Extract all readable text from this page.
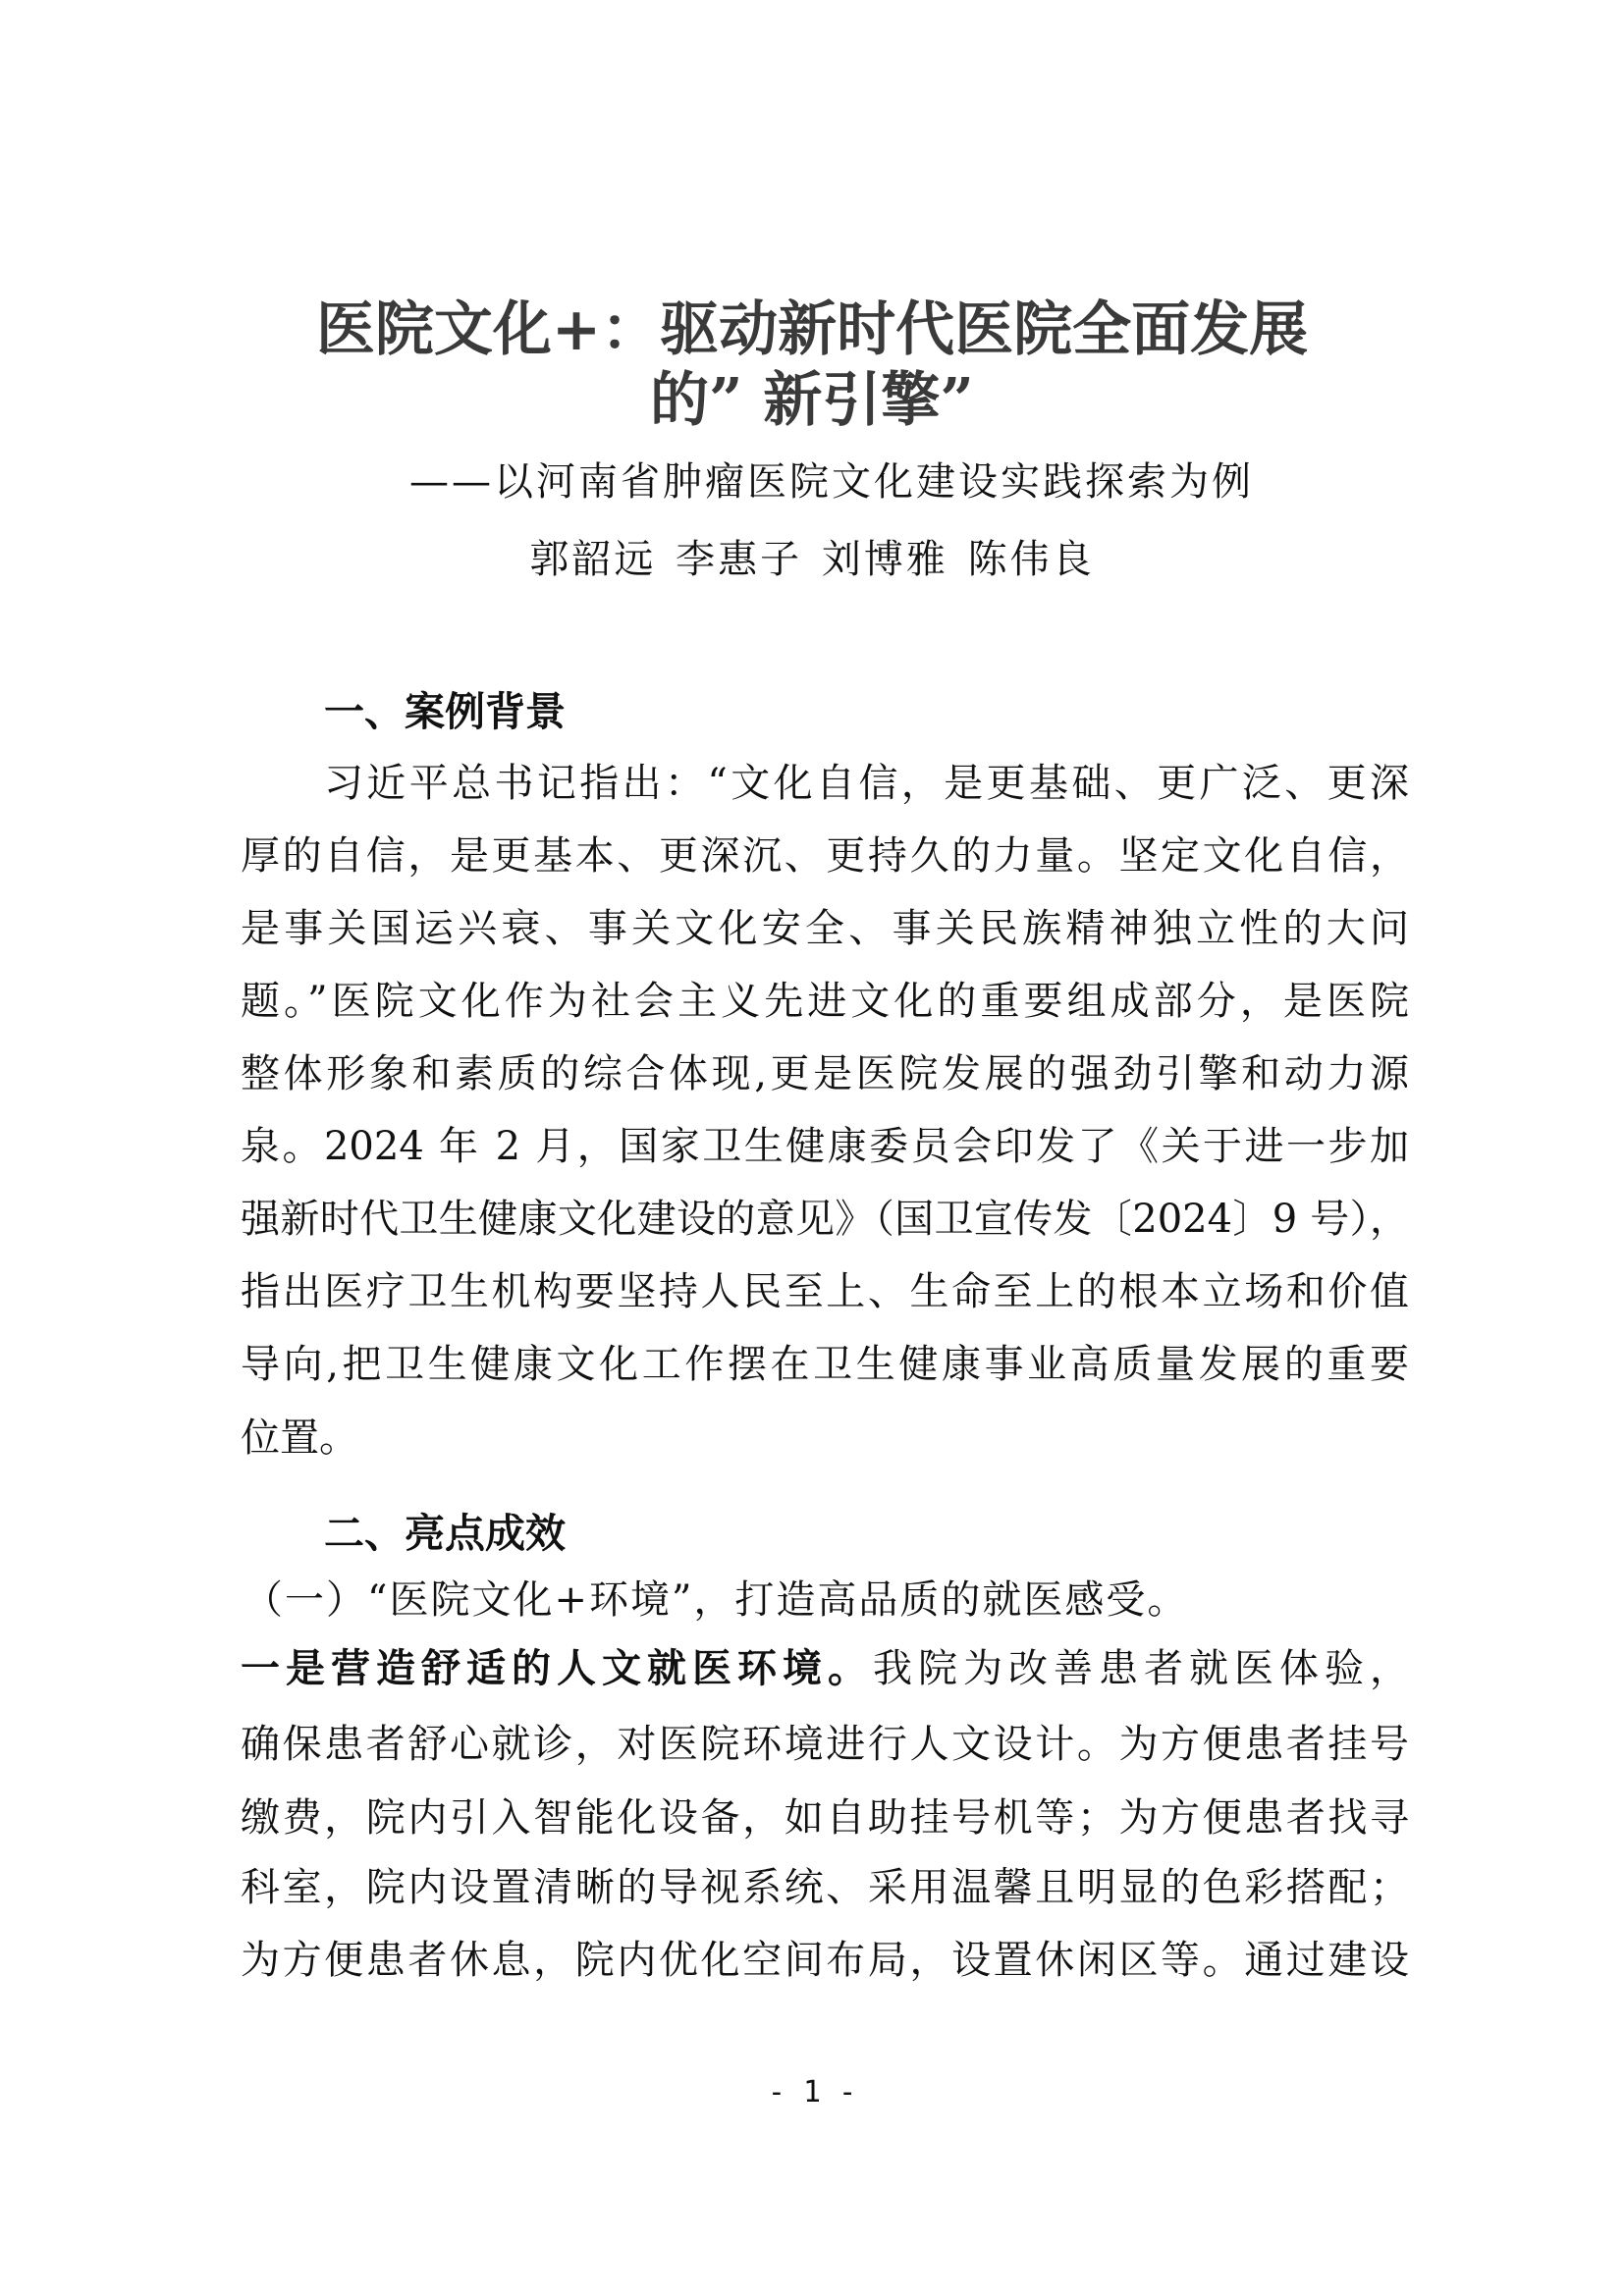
医院文化+：驱动新时代医院全面发展
的” 新引擎”
——以河南省肿瘤医院文化建设实践探索为例
郭韶远 李惠子 刘博雅 陈伟良
一、案例背景
习近平总书记指出：“文化自信，是更基础、更广泛、更深
厚的自信，是更基本、更深沉、更持久的力量。坚定文化自信，
是事关国运兴衰、事关文化安全、事关民族精神独立性的大问
题。”医院文化作为社会主义先进文化的重要组成部分，是医院
整体形象和素质的综合体现,更是医院发展的强劲引擎和动力源
泉。2024 年 2 月，国家卫生健康委员会印发了《关于进一步加
强新时代卫生健康文化建设的意见》（国卫宣传发〔2024〕9 号），
指出医疗卫生机构要坚持人民至上、生命至上的根本立场和价值
导向,把卫生健康文化工作摆在卫生健康事业高质量发展的重要
位置。
二、亮点成效
（一）“医院文化+环境”，打造高品质的就医感受。
一是营造舒适的人文就医环境。我院为改善患者就医体验，
确保患者舒心就诊，对医院环境进行人文设计。为方便患者挂号
缴费，院内引入智能化设备，如自助挂号机等；为方便患者找寻
科室，院内设置清晰的导视系统、采用温馨且明显的色彩搭配；
为方便患者休息，院内优化空间布局，设置休闲区等。通过建设
- 1 -
